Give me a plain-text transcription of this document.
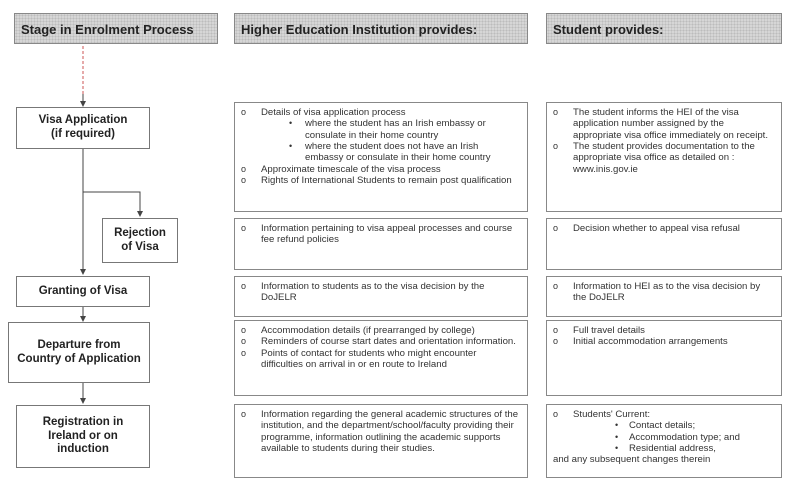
Stage in Enrolment Process	Higher Education Institution provides:	Student provides:
Visa Application
(if required)
Rejection
of Visa
Granting of Visa
Departure from
Country of Application
Registration in
Ireland or on
induction
o Details of visa application process
• where the student has an Irish embassy or consulate in their home country
• where the student does not have an Irish embassy or consulate in their home country
o Approximate timescale of the visa process
o Rights of International Students to remain post qualification
o Information pertaining to visa appeal processes and course fee refund policies
o Information to students as to the visa decision by the DoJELR
o Accommodation details (if prearranged by college)
o Reminders of course start dates and orientation information.
o Points of contact for students who might encounter difficulties on arrival in or en route to Ireland
o Information regarding the general academic structures of the institution, and the department/school/faculty providing their programme, information outlining the academic supports available to students during their studies.
o The student informs the HEI of the visa application number assigned by the appropriate visa office immediately on receipt.
o The student provides documentation to the appropriate visa office as detailed on : www.inis.gov.ie
o Decision whether to appeal visa refusal
o Information to HEI as to the visa decision by the DoJELR
o Full travel details
o Initial accommodation arrangements
o Students' Current:
• Contact details;
• Accommodation type; and
• Residential address,
and any subsequent changes therein
